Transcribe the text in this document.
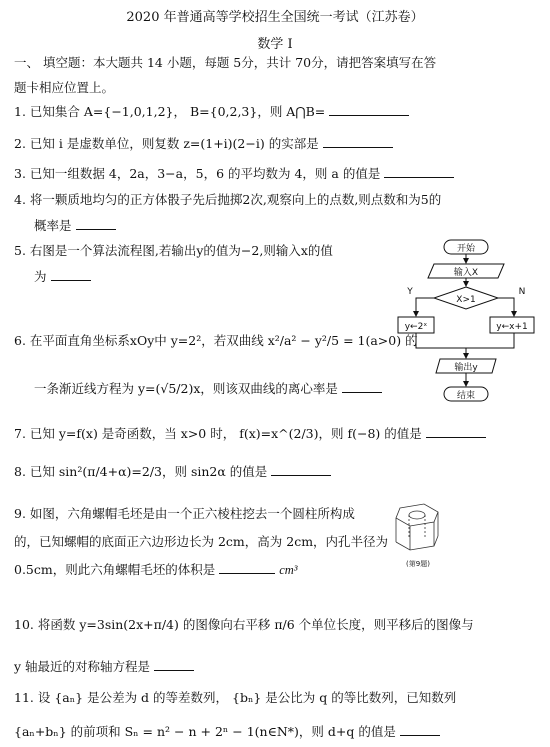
2020 年普通高等学校招生全国统一考试（江苏卷）
数学 I
一、 填空题：本大题共 14 小题，每题 5分，共计 70分，请把答案填写在答
题卡相应位置上。
1. 已知集合 A={−1,0,1,2}， B={0,2,3}，则 A⋂B=
2. 已知 i 是虚数单位，则复数 z=(1+i)(2−i) 的实部是
3. 已知一组数据 4，2a，3−a，5，6 的平均数为 4，则 a 的值是
4. 将一颗质地均匀的正方体骰子先后抛掷2次,观察向上的点数,则点数和为5的
概率是
5. 右图是一个算法流程图,若输出y的值为−2,则输入x的值
为
开始
输入X
X>1
Y	N
y←2ˣ	y←x+1
输出y
结束
6. 在平面直角坐标系xOy中 y=2²，若双曲线 x²/a² − y²/5 = 1(a>0) 的
一条渐近线方程为 y=(√5/2)x，则该双曲线的离心率是
7. 已知 y=f(x) 是奇函数，当 x>0 时， f(x)=x^(2/3)，则 f(−8) 的值是
8. 已知 sin²(π/4+α)=2/3，则 sin2α 的值是
9. 如图，六角螺帽毛坯是由一个正六棱柱挖去一个圆柱所构成
的，已知螺帽的底面正六边形边长为 2cm，高为 2cm，内孔半径为
0.5cm，则此六角螺帽毛坯的体积是	cm³	(第9题)
10. 将函数 y=3sin(2x+π/4) 的图像向右平移 π/6 个单位长度，则平移后的图像与
y 轴最近的对称轴方程是
11. 设 {aₙ} 是公差为 d 的等差数列， {bₙ} 是公比为 q 的等比数列，已知数列
{aₙ+bₙ} 的前项和 Sₙ = n² − n + 2ⁿ − 1(n∈N*)，则 d+q 的值是
